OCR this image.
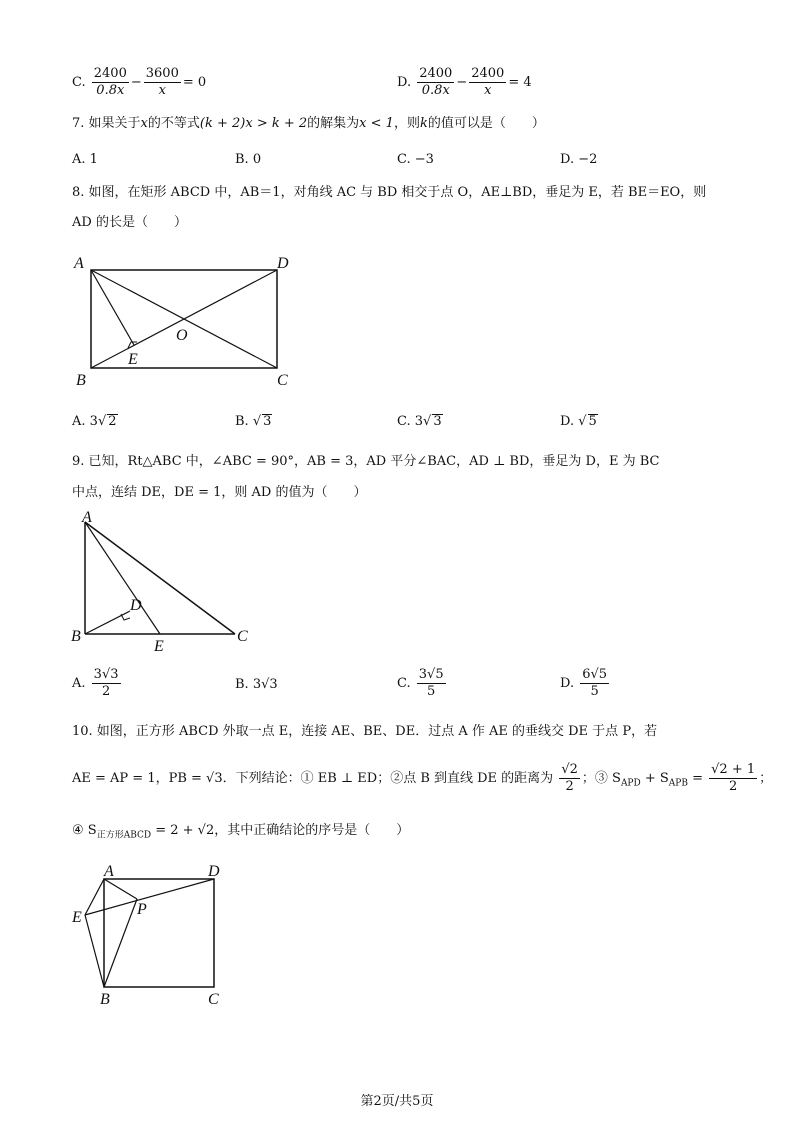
C. $\frac{2400}{0.8x} - \frac{3600}{x} = 0$	D. $\frac{2400}{0.8x} - \frac{2400}{x} = 4$
7. 如果关于x的不等式(k + 2)x > k + 2的解集为x < 1，则k的值可以是（　　）
A. 1	B. 0	C. −3	D. −2
8. 如图，在矩形 ABCD 中，AB＝1，对角线 AC 与 BD 相交于点 O，AE⊥BD，垂足为 E，若 BE＝EO，则
AD 的长是（　　）
A	D
B	C
O
E
A. 3√ 2	B. √ 3	C. 3√ 3	D. √ 5
9. 已知，Rt△ABC 中，∠ABC = 90°，AB = 3，AD 平分∠BAC，AD ⊥ BD，垂足为 D，E 为 BC
中点，连结 DE，DE = 1，则 AD 的值为（　　）
A
B	C
D
E
A. $\frac{3√3}{2}$	B. 3√3	C. $\frac{3√5}{5}$	D. $\frac{6√5}{5}$
10. 如图，正方形 ABCD 外取一点 E，连接 AE、BE、DE．过点 A 作 AE 的垂线交 DE 于点 P，若
AE = AP = 1，PB = √3．下列结论：① EB ⊥ ED；②点 B 到直线 DE 的距离为 $\frac{√2}{2}$ ；③ $S_{APD} + S_{APB} = \frac{√2 + 1}{2}$ ；
④ $S_{正方形ABCD} = 2 + √2$，其中正确结论的序号是（　　）
A	D
E	P
B	C
第2页/共5页
